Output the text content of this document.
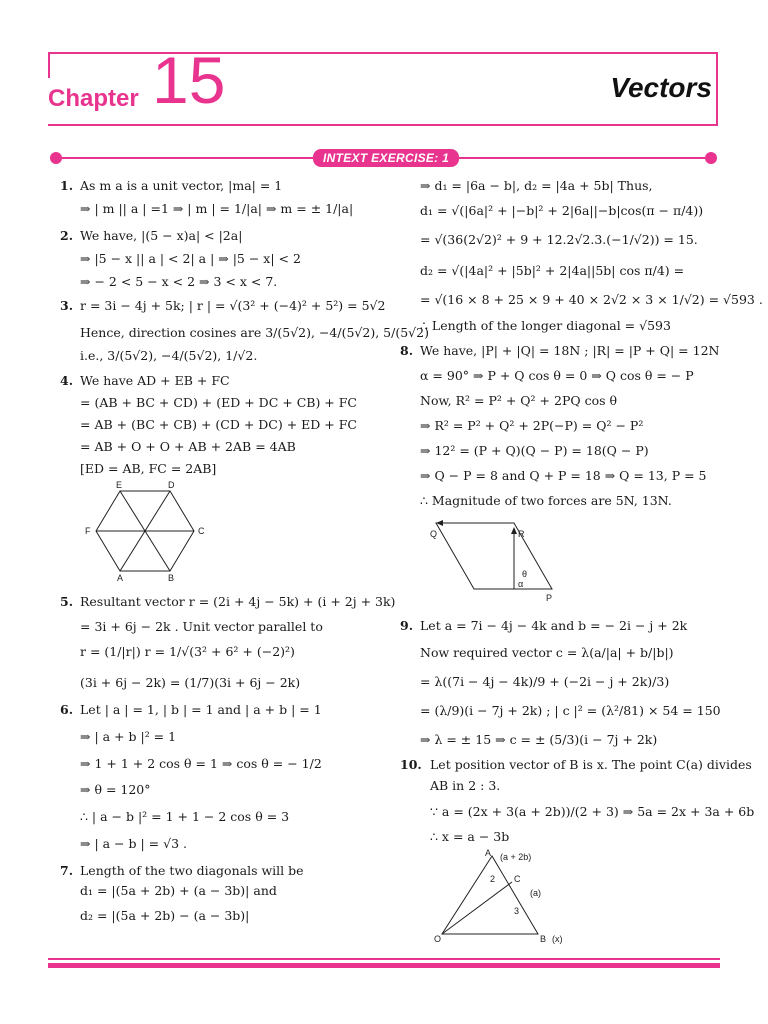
Chapter 15	Vectors
INTEXT EXERCISE: 1
1. As m a is a unit vector, |ma| = 1
⇒ | m || a | =1 ⇒ | m | = 1/|a| ⇒ m = ± 1/|a|
2. We have, |(5 − x)a| < |2a|
⇒ |5 − x || a | < 2| a | ⇒ |5 − x| < 2
⇒ − 2 < 5 − x < 2 ⇒ 3 < x < 7.
3. r = 3i − 4j + 5k; | r | = √(3² + (−4)² + 5²) = 5√2
Hence, direction cosines are 3/(5√2), −4/(5√2), 5/(5√2)
i.e., 3/(5√2), −4/(5√2), 1/√2.
4. We have AD + EB + FC
= (AB + BC + CD) + (ED + DC + CB) + FC
= AB + (BC + CB) + (CD + DC) + ED + FC
= AB + O + O + AB + 2AB = 4AB
[ED = AB, FC = 2AB]
E	D
F	C
A	B
5. Resultant vector r = (2i + 4j − 5k) + (i + 2j + 3k)
= 3i + 6j − 2k . Unit vector parallel to
r = (1/|r|) r = 1/√(3² + 6² + (−2)²)
(3i + 6j − 2k) = (1/7)(3i + 6j − 2k)
6. Let | a | = 1, | b | = 1 and | a + b | = 1
⇒ | a + b |² = 1
⇒ 1 + 1 + 2 cos θ = 1 ⇒ cos θ = − 1/2
⇒ θ = 120°
∴ | a − b |² = 1 + 1 − 2 cos θ = 3
⇒ | a − b | = √3 .
7. Length of the two diagonals will be
d₁ = |(5a + 2b) + (a − 3b)| and
d₂ = |(5a + 2b) − (a − 3b)|
⇒ d₁ = |6a − b|, d₂ = |4a + 5b| Thus,
d₁ = √(|6a|² + |−b|² + 2|6a||−b|cos(π − π/4))
= √(36(2√2)² + 9 + 12.2√2.3.(−1/√2)) = 15.
d₂ = √(|4a|² + |5b|² + 2|4a||5b| cos π/4) =
= √(16 × 8 + 25 × 9 + 40 × 2√2 × 3 × 1/√2) = √593 .
∴ Length of the longer diagonal = √593
8. We have, |P| + |Q| = 18N ; |R| = |P + Q| = 12N
α = 90° ⇒ P + Q cos θ = 0 ⇒ Q cos θ = − P
Now, R² = P² + Q² + 2PQ cos θ
⇒ R² = P² + Q² + 2P(−P) = Q² − P²
⇒ 12² = (P + Q)(Q − P) = 18(Q − P)
⇒ Q − P = 8 and Q + P = 18 ⇒ Q = 13, P = 5
∴ Magnitude of two forces are 5N, 13N.
Q	R
θ
α
P
9. Let a = 7i − 4j − 4k and b = − 2i − j + 2k
Now required vector c = λ(a/|a| + b/|b|)
= λ((7i − 4j − 4k)/9 + (−2i − j + 2k)/3)
= (λ/9)(i − 7j + 2k) ; | c |² = (λ²/81) × 54 = 150
⇒ λ = ± 15 ⇒ c = ± (5/3)(i − 7j + 2k)
10. Let position vector of B is x. The point C(a) divides
AB in 2 : 3.
∵ a = (2x + 3(a + 2b))/(2 + 3) ⇒ 5a = 2x + 3a + 6b
∴ x = a − 3b
A (a + 2b)
2 C
(a)
3
O	B (x)
